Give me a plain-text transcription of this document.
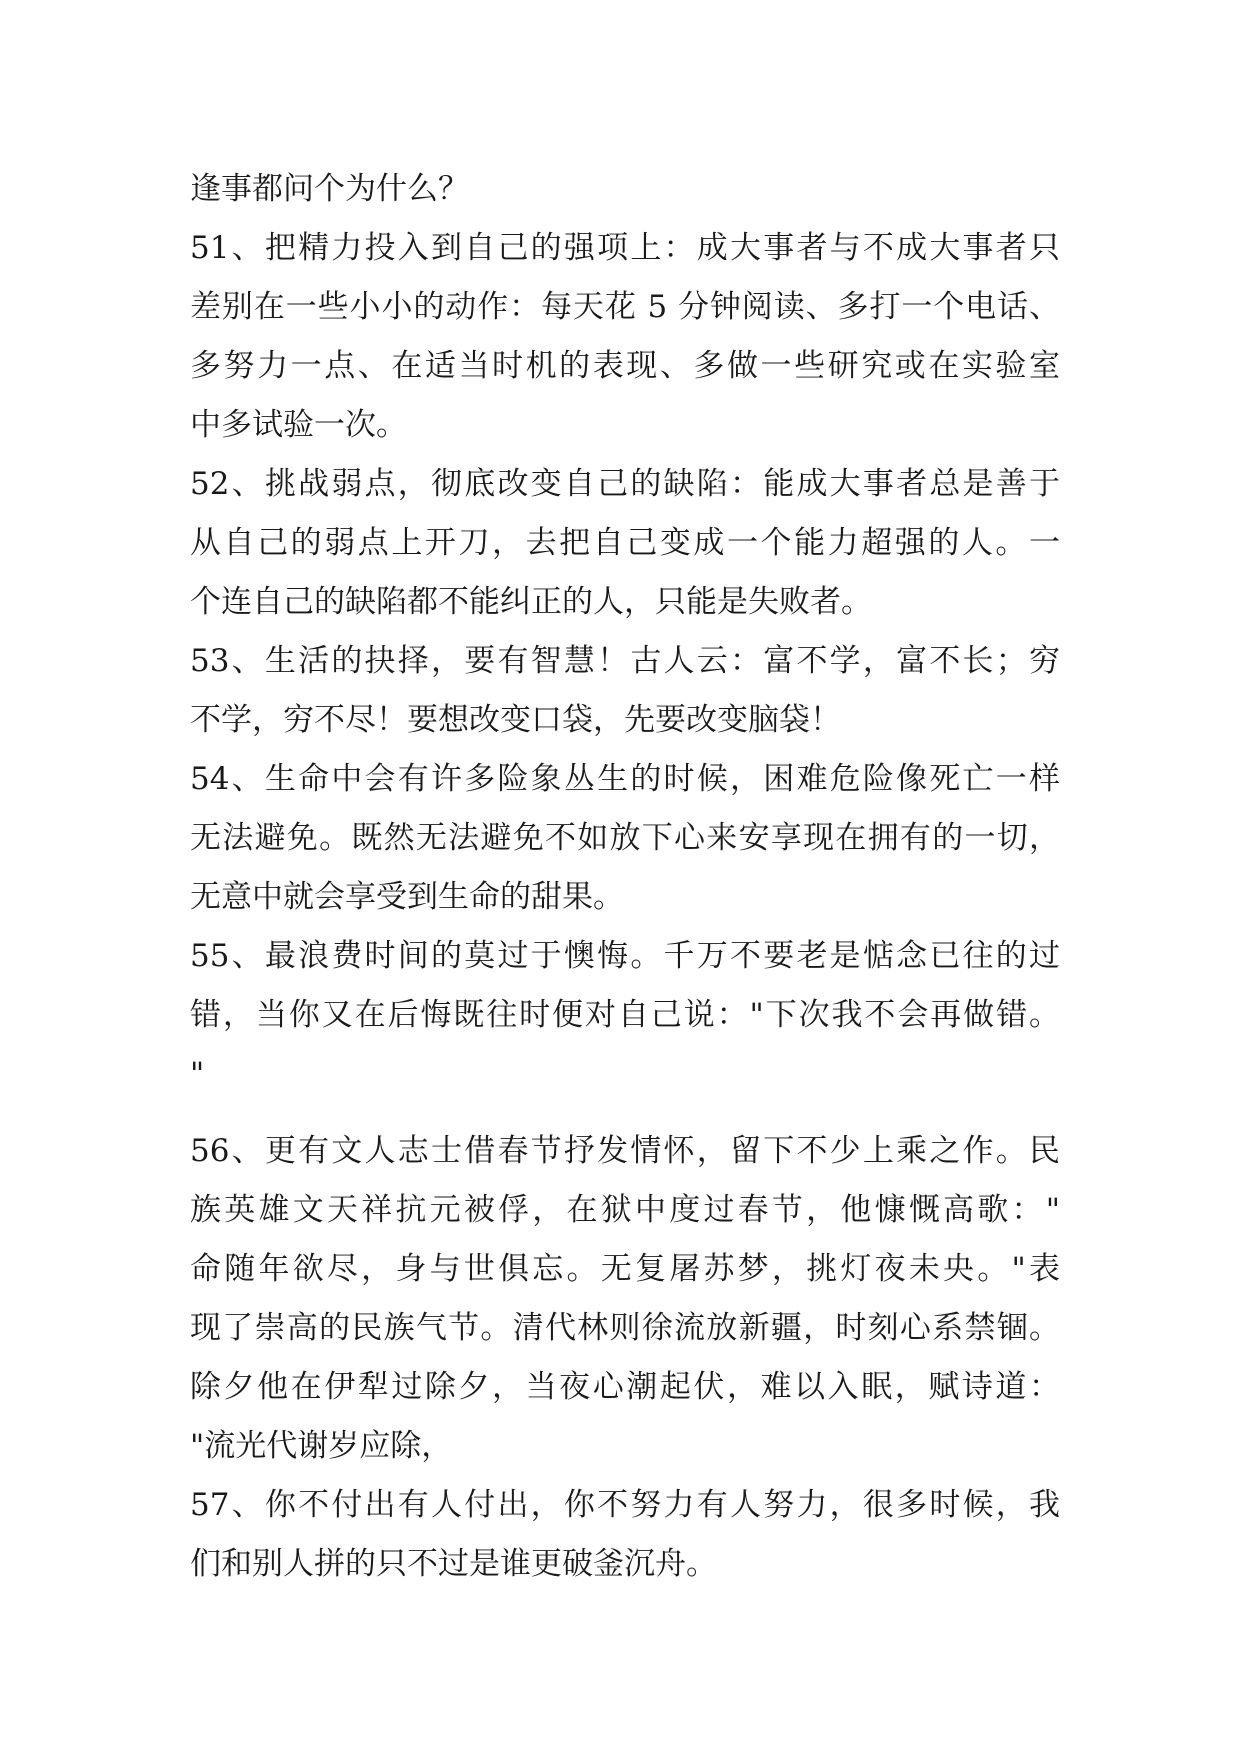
逢事都问个为什么？
51、把精力投入到自己的强项上：成大事者与不成大事者只
差别在一些小小的动作：每天花 5 分钟阅读、多打一个电话、
多努力一点、在适当时机的表现、多做一些研究或在实验室
中多试验一次。
52、挑战弱点，彻底改变自己的缺陷：能成大事者总是善于
从自己的弱点上开刀，去把自己变成一个能力超强的人。一
个连自己的缺陷都不能纠正的人，只能是失败者。
53、生活的抉择，要有智慧！古人云：富不学，富不长；穷
不学，穷不尽！要想改变口袋，先要改变脑袋！
54、生命中会有许多险象丛生的时候，困难危险像死亡一样
无法避免。既然无法避免不如放下心来安享现在拥有的一切，
无意中就会享受到生命的甜果。
55、最浪费时间的莫过于懊悔。千万不要老是惦念已往的过
错，当你又在后悔既往时便对自己说："下次我不会再做错。
"
56、更有文人志士借春节抒发情怀，留下不少上乘之作。民
族英雄文天祥抗元被俘，在狱中度过春节，他慷慨高歌："
命随年欲尽，身与世俱忘。无复屠苏梦，挑灯夜未央。"表
现了崇高的民族气节。清代林则徐流放新疆，时刻心系禁锢。
除夕他在伊犁过除夕，当夜心潮起伏，难以入眠，赋诗道：
"流光代谢岁应除，
57、你不付出有人付出，你不努力有人努力，很多时候，我
们和别人拼的只不过是谁更破釜沉舟。
